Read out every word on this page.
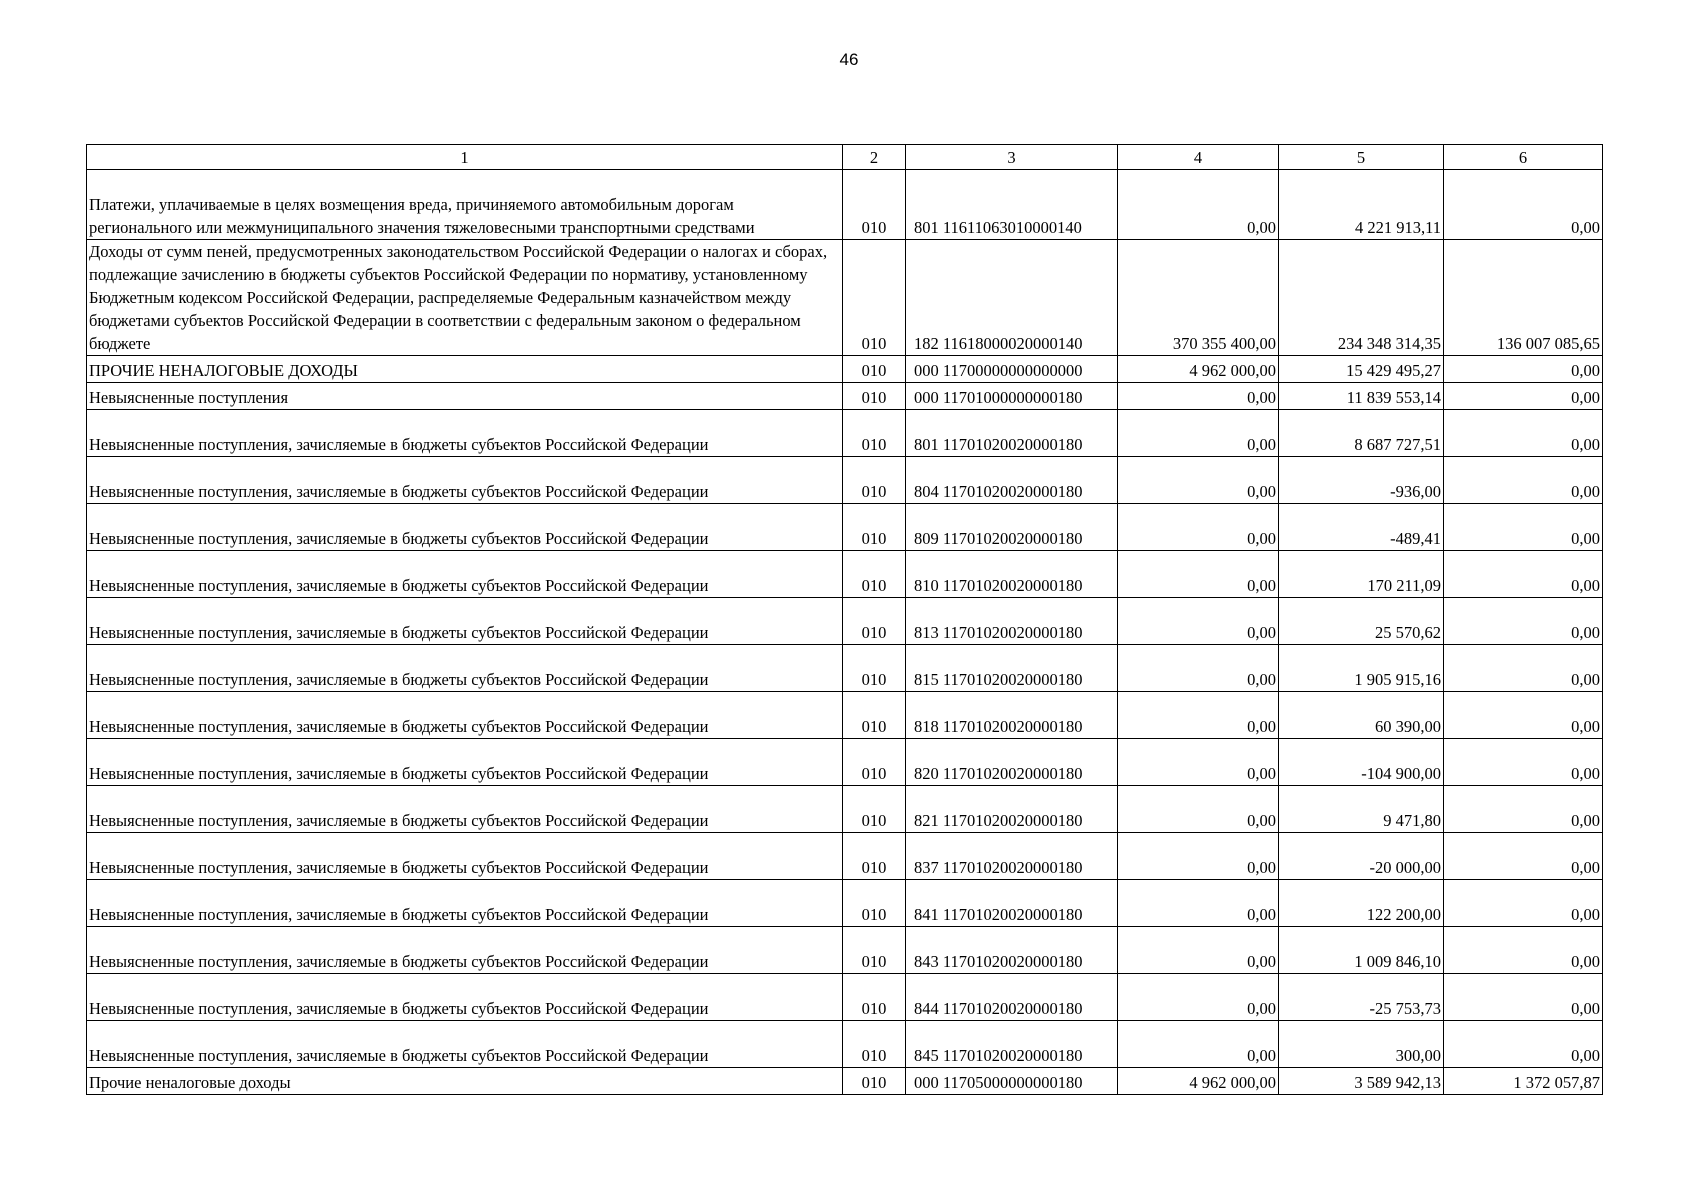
46
1	2	3	4	5	6
Платежи, уплачиваемые в целях возмещения вреда, причиняемого автомобильным дорогам регионального или межмуниципального значения тяжеловесными транспортными средствами	010	801 11611063010000140	0,00	4 221 913,11	0,00
Доходы от сумм пеней, предусмотренных законодательством Российской Федерации о налогах и сборах, подлежащие зачислению в бюджеты субъектов Российской Федерации по нормативу, установленному Бюджетным кодексом Российской Федерации, распределяемые Федеральным казначейством между бюджетами субъектов Российской Федерации в соответствии с федеральным законом о федеральном бюджете	010	182 11618000020000140	370 355 400,00	234 348 314,35	136 007 085,65
ПРОЧИЕ НЕНАЛОГОВЫЕ ДОХОДЫ	010	000 11700000000000000	4 962 000,00	15 429 495,27	0,00
Невыясненные поступления	010	000 11701000000000180	0,00	11 839 553,14	0,00
Невыясненные поступления, зачисляемые в бюджеты субъектов Российской Федерации	010	801 11701020020000180	0,00	8 687 727,51	0,00
Невыясненные поступления, зачисляемые в бюджеты субъектов Российской Федерации	010	804 11701020020000180	0,00	-936,00	0,00
Невыясненные поступления, зачисляемые в бюджеты субъектов Российской Федерации	010	809 11701020020000180	0,00	-489,41	0,00
Невыясненные поступления, зачисляемые в бюджеты субъектов Российской Федерации	010	810 11701020020000180	0,00	170 211,09	0,00
Невыясненные поступления, зачисляемые в бюджеты субъектов Российской Федерации	010	813 11701020020000180	0,00	25 570,62	0,00
Невыясненные поступления, зачисляемые в бюджеты субъектов Российской Федерации	010	815 11701020020000180	0,00	1 905 915,16	0,00
Невыясненные поступления, зачисляемые в бюджеты субъектов Российской Федерации	010	818 11701020020000180	0,00	60 390,00	0,00
Невыясненные поступления, зачисляемые в бюджеты субъектов Российской Федерации	010	820 11701020020000180	0,00	-104 900,00	0,00
Невыясненные поступления, зачисляемые в бюджеты субъектов Российской Федерации	010	821 11701020020000180	0,00	9 471,80	0,00
Невыясненные поступления, зачисляемые в бюджеты субъектов Российской Федерации	010	837 11701020020000180	0,00	-20 000,00	0,00
Невыясненные поступления, зачисляемые в бюджеты субъектов Российской Федерации	010	841 11701020020000180	0,00	122 200,00	0,00
Невыясненные поступления, зачисляемые в бюджеты субъектов Российской Федерации	010	843 11701020020000180	0,00	1 009 846,10	0,00
Невыясненные поступления, зачисляемые в бюджеты субъектов Российской Федерации	010	844 11701020020000180	0,00	-25 753,73	0,00
Невыясненные поступления, зачисляемые в бюджеты субъектов Российской Федерации	010	845 11701020020000180	0,00	300,00	0,00
Прочие неналоговые доходы	010	000 11705000000000180	4 962 000,00	3 589 942,13	1 372 057,87
